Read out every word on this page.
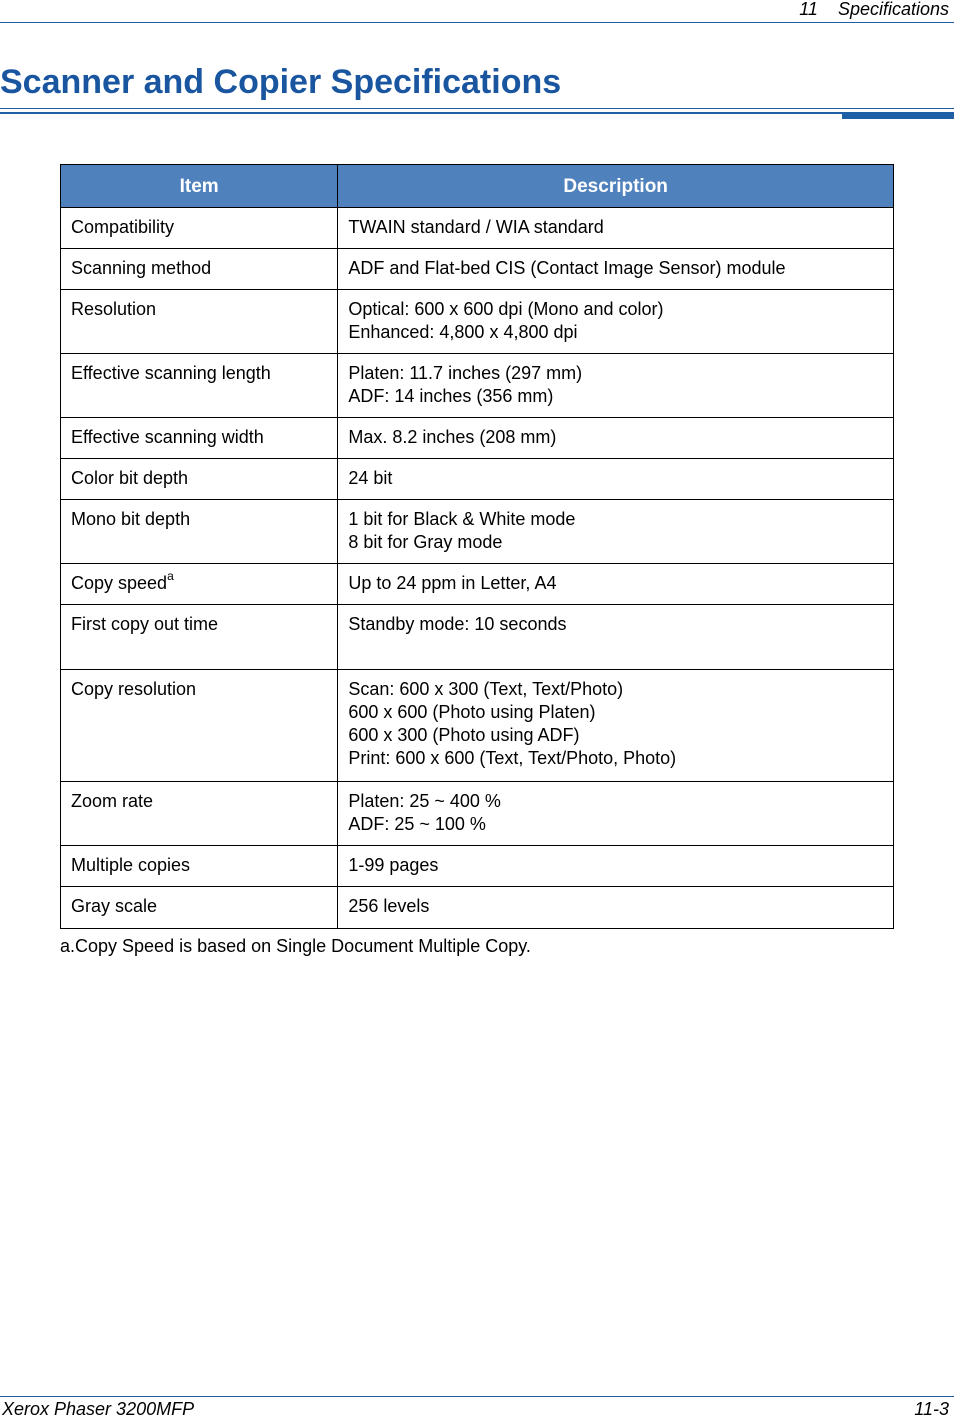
11 Specifications
Scanner and Copier Specifications
Item	Description
Compatibility	TWAIN standard / WIA standard

Scanning method	ADF and Flat-bed CIS (Contact Image Sensor) module

Resolution	Optical: 600 x 600 dpi (Mono and color)
Enhanced: 4,800 x 4,800 dpi

Effective scanning length	Platen: 11.7 inches (297 mm)
ADF: 14 inches (356 mm)

Effective scanning width	Max. 8.2 inches (208 mm)

Color bit depth	24 bit

Mono bit depth	1 bit for Black & White mode
8 bit for Gray mode

Copy speed$^a$	Up to 24 ppm in Letter, A4

First copy out time	Standby mode: 10 seconds

Copy resolution	Scan: 600 x 300 (Text, Text/Photo)
600 x 600 (Photo using Platen)
600 x 300 (Photo using ADF)
Print: 600 x 600 (Text, Text/Photo, Photo)

Zoom rate	Platen: 25 ~ 400 %
ADF: 25 ~ 100 %

Multiple copies	1-99 pages

Gray scale	256 levels
a.Copy Speed is based on Single Document Multiple Copy.
Xerox Phaser 3200MFP	11-3
